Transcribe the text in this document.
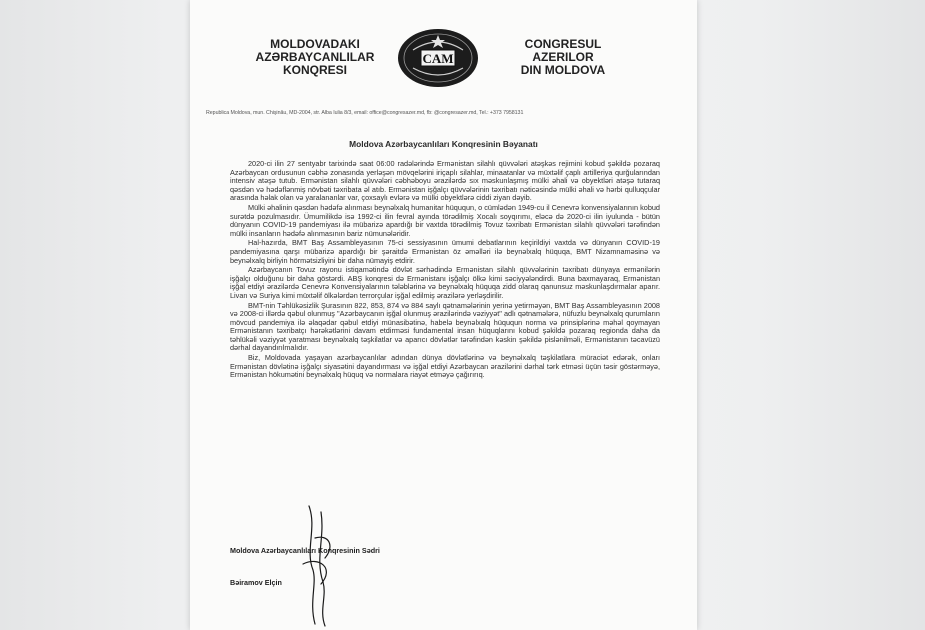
MOLDOVADAKI
AZƏRBAYCANLILAR
KONQRESI
CAM
CONGRESUL
AZERILOR
DIN MOLDOVA
Republica Moldova, mun. Chişinău, MD-2004, str. Alba Iulia 8/3, email: office@congresazer.md, fb: @congresazer.md, Tel.: +373 7958131
Moldova Azərbaycanlıları Konqresinin Bəyanatı

2020-ci ilin 27 sentyabr tarixində saat 06:00 radələrində Ermənistan silahlı qüvvələri atəşkəs rejimini kobud şəkildə pozaraq Azərbaycan ordusunun cəbhə zonasında yerləşən mövqelərini iriçaplı silahlar, minaatanlar və müxtəlif çaplı artilleriya qurğularından intensiv atəşə tutub. Ermənistan silahlı qüvvələri cəbhəboyu ərazilərdə sıx məskunlaşmış mülki əhali və obyektləri atəşə tutaraq qəsdən və hədəflənmiş növbəti təxribata əl atıb. Ermənistan işğalçı qüvvələrinin təxribatı nəticəsində mülki əhali və hərbi qulluqçular arasında həlak olan və yaralananlar var, çoxsaylı evlərə və mülki obyektlərə ciddi ziyan dəyib.

Mülki əhalinin qəsdən hədəfə alınması beynəlxalq humanitar hüququn, o cümlədən 1949-cu il Cenevrə konvensiyalarının kobud surətdə pozulmasıdır. Ümumilikdə isə 1992-ci ilin fevral ayında törədilmiş Xocalı soyqırımı, eləcə də 2020-ci ilin iyulunda - bütün dünyanın COVID-19 pandemiyası ilə mübarizə apardığı bir vaxtda törədilmiş Tovuz təxribatı Ermənistan silahlı qüvvələri tərəfindən mülki insanların hədəfə alınmasının bariz nümunələridir.

Hal-hazırda, BMT Baş Assambleyasının 75-ci sessiyasının ümumi debatlarının keçirildiyi vaxtda və dünyanın COVID-19 pandemiyasına qarşı mübarizə apardığı bir şəraitdə Ermənistan öz əməlləri ilə beynəlxalq hüquqa, BMT Nizamnaməsinə və beynəlxalq birliyin hörmətsizliyini bir daha nümayiş etdirir.

Azərbaycanın Tovuz rayonu istiqamətində dövlət sərhədində Ermənistan silahlı qüvvələrinin təxribatı dünyaya ermənilərin işğalçı olduğunu bir daha göstərdi. ABŞ konqresi də Ermənistanı işğalçı ölkə kimi səciyyələndirdi. Buna baxmayaraq, Ermənistan işğal etdiyi ərazilərdə Cenevrə Konvensiyalarının tələblərinə və beynəlxalq hüquqa zidd olaraq qanunsuz məskunlaşdırmalar aparır. Livan və Suriya kimi müxtəlif ölkələrdən terrorçular işğal edilmiş ərazilərə yerləşdirilir.

BMT-nin Təhlükəsizlik Şurasının 822, 853, 874 və 884 saylı qətnamələrinin yerinə yetirməyən, BMT Baş Assambleyasının 2008 və 2008-ci illərdə qəbul olunmuş "Azərbaycanın işğal olunmuş ərazilərində vəziyyət" adlı qətnamələrə, nüfuzlu beynəlxalq qurumların mövcud pandemiya ilə əlaqədar qəbul etdiyi münasibətinə, habelə beynəlxalq hüququn norma və prinsiplərinə məhəl qoymayan Ermənistanın təxribatçı hərəkətlərini davam etdirməsi fundamental insan hüquqlarını kobud şəkildə pozaraq regionda daha da təhlükəli vəziyyət yaratması beynəlxalq təşkilatlar və aparıcı dövlətlər tərəfindən kəskin şəkildə pislənilməli, Ermənistanın təcavüzü dərhal dayandırılmalıdır.

Biz, Moldovada yaşayan azərbaycanlılar adından dünya dövlətlərinə və beynəlxalq təşkilatlara müraciət edərək, onları Ermənistan dövlətinə işğalçı siyasətini dayandırması və işğal etdiyi Azərbaycan ərazilərini dərhal tərk etməsi üçün təsir göstərməyə, Ermənistan hökumətini beynəlxalq hüquq və normalara riayət etməyə çağırırıq.

Moldova Azərbaycanlıları Konqresinin Sədri
Bəiramov Elçin
